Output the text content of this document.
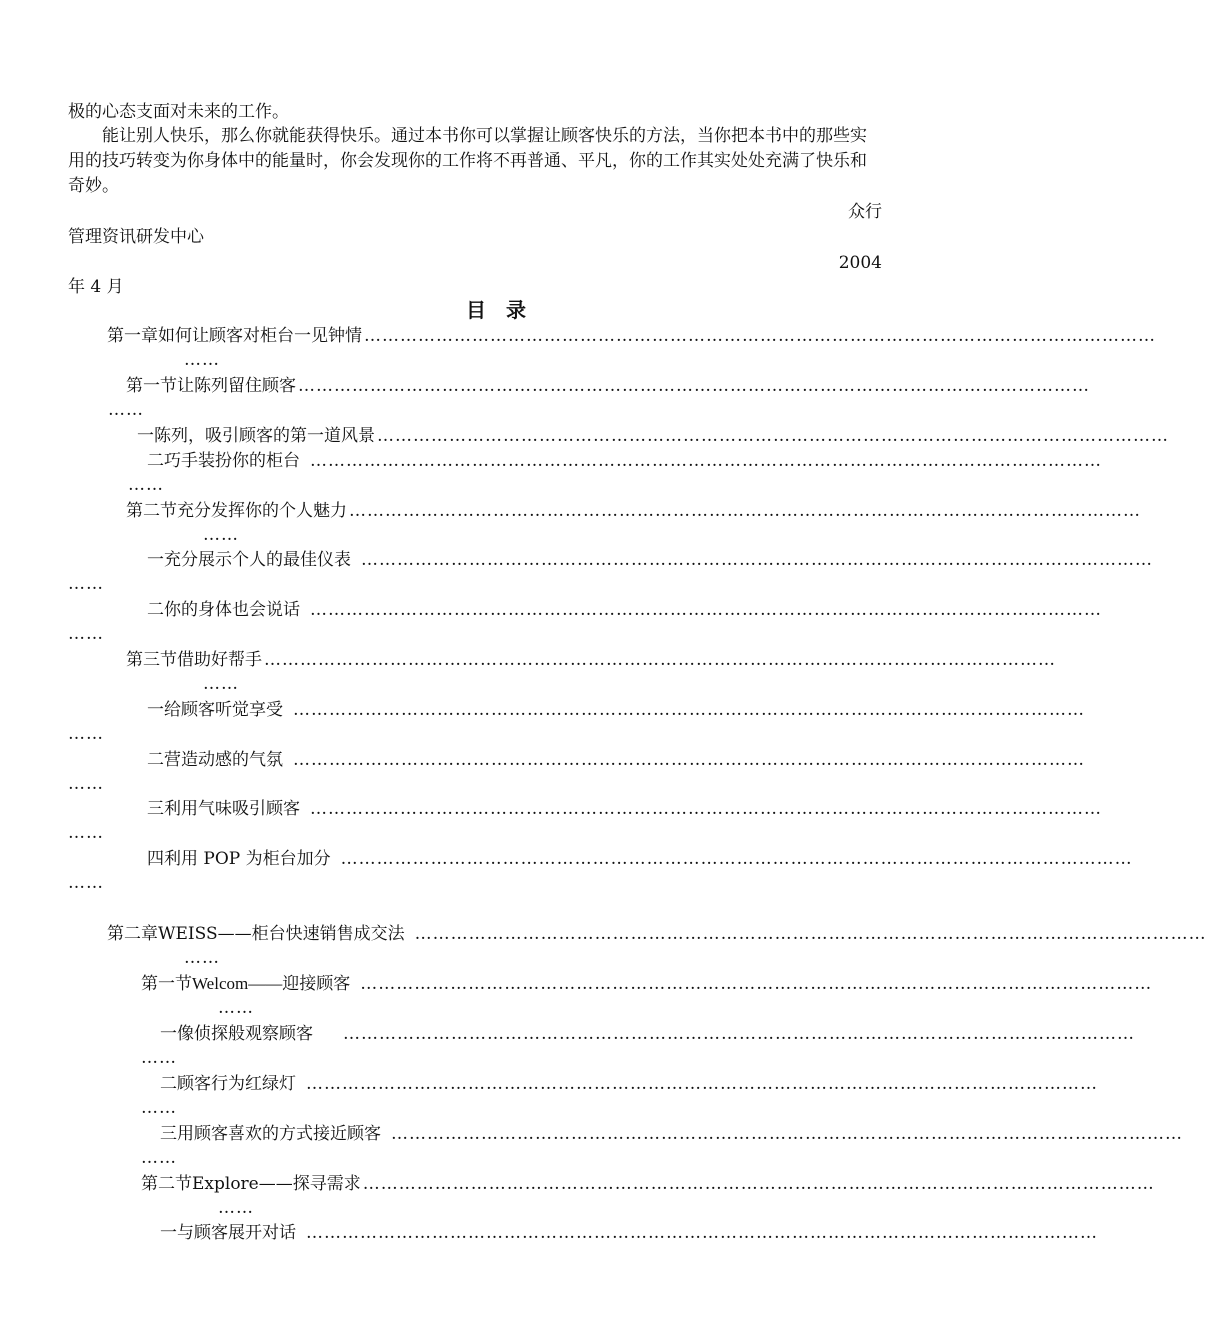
极的心态支面对未来的工作。
能让别人快乐，那么你就能获得快乐。通过本书你可以掌握让顾客快乐的方法，当你把本书中的那些实用的技巧转变为你身体中的能量时，你会发现你的工作将不再普通、平凡，你的工作其实处处充满了快乐和奇妙。
众行
管理资讯研发中心
2004
年 4 月
目录
第一章 如何让顾客对柜台一见钟情 ……………………………………………………………………………………………………………………
……
第一节 让陈列留住顾客 ……………………………………………………………………………………………………………………
……
一 陈列，吸引顾客的第一道风景 ……………………………………………………………………………………………………………………
二 巧手装扮你的柜台 ……………………………………………………………………………………………………………………
……
第二节 充分发挥你的个人魅力 ……………………………………………………………………………………………………………………
……
一 充分展示个人的最佳仪表 ……………………………………………………………………………………………………………………
……
二 你的身体也会说话 ……………………………………………………………………………………………………………………
……
第三节 借助好帮手 ……………………………………………………………………………………………………………………
……
一 给顾客听觉享受 ……………………………………………………………………………………………………………………
……
二 营造动感的气氛 ……………………………………………………………………………………………………………………
……
三 利用气味吸引顾客 ……………………………………………………………………………………………………………………
……
四 利用 POP 为柜台加分 ……………………………………………………………………………………………………………………
……
第二章 WEISS——柜台快速销售成交法 ……………………………………………………………………………………………………………………
……
第一节 Welcom——迎接顾客 ……………………………………………………………………………………………………………………
……
一 像侦探般观察顾客 ……………………………………………………………………………………………………………………
……
二 顾客行为红绿灯 ……………………………………………………………………………………………………………………
……
三 用顾客喜欢的方式接近顾客 ……………………………………………………………………………………………………………………
……
第二节 Explore——探寻需求 ……………………………………………………………………………………………………………………
……
一 与顾客展开对话 ……………………………………………………………………………………………………………………
